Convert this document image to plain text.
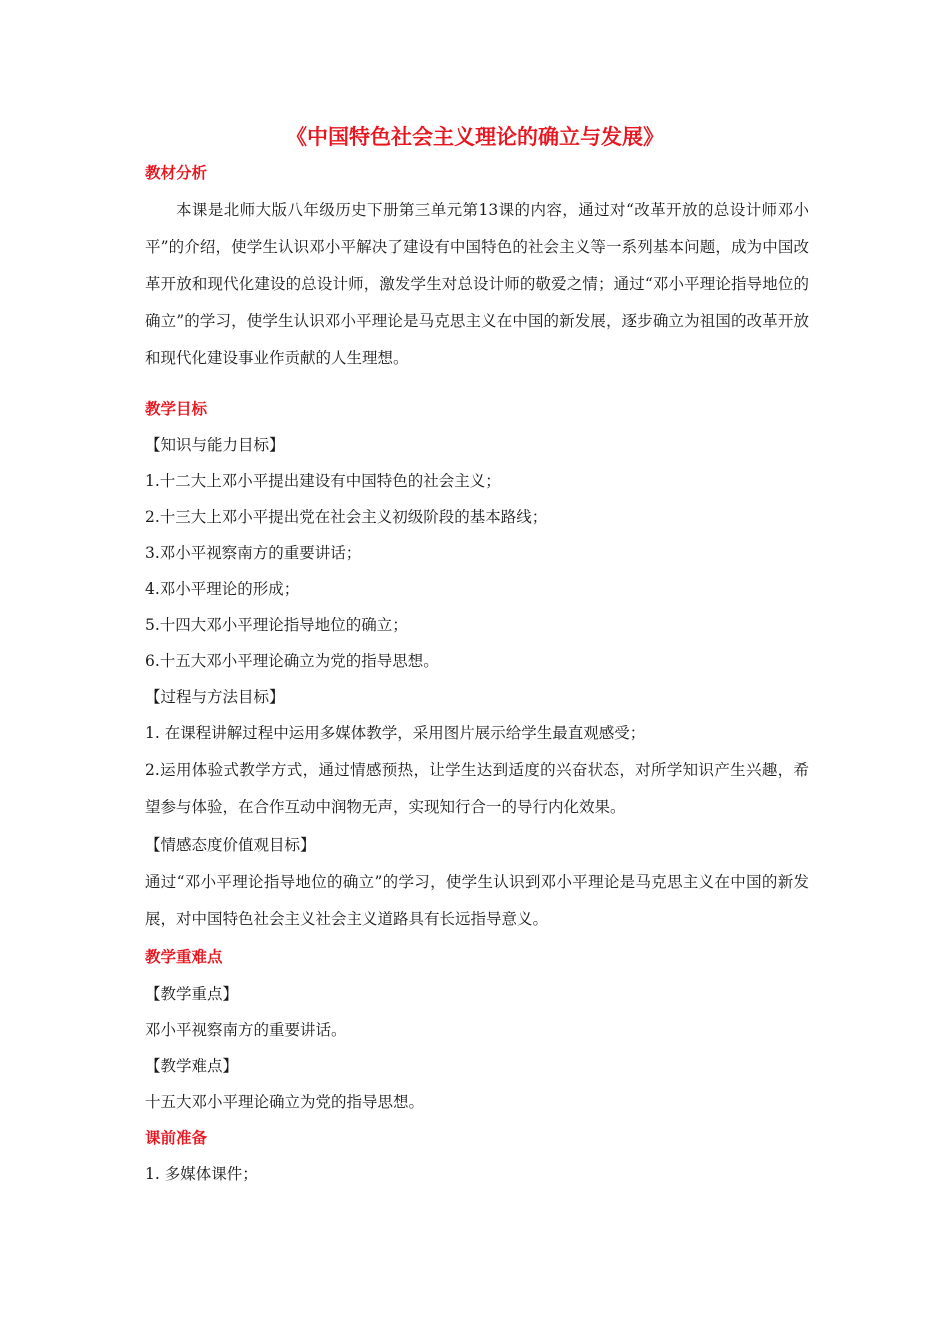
《中国特色社会主义理论的确立与发展》
教材分析
本课是北师大版八年级历史下册第三单元第13课的内容，通过对“改革开放的总设计师邓小平”的介绍，使学生认识邓小平解决了建设有中国特色的社会主义等一系列基本问题，成为中国改革开放和现代化建设的总设计师，激发学生对总设计师的敬爱之情；通过“邓小平理论指导地位的确立”的学习，使学生认识邓小平理论是马克思主义在中国的新发展，逐步确立为祖国的改革开放和现代化建设事业作贡献的人生理想。
教学目标
【知识与能力目标】
1.十二大上邓小平提出建设有中国特色的社会主义；
2.十三大上邓小平提出党在社会主义初级阶段的基本路线；
3.邓小平视察南方的重要讲话；
4.邓小平理论的形成；
5.十四大邓小平理论指导地位的确立；
6.十五大邓小平理论确立为党的指导思想。
【过程与方法目标】
1. 在课程讲解过程中运用多媒体教学，采用图片展示给学生最直观感受；
2.运用体验式教学方式，通过情感预热，让学生达到适度的兴奋状态，对所学知识产生兴趣，希望参与体验，在合作互动中润物无声，实现知行合一的导行内化效果。
【情感态度价值观目标】
通过“邓小平理论指导地位的确立”的学习，使学生认识到邓小平理论是马克思主义在中国的新发展，对中国特色社会主义社会主义道路具有长远指导意义。
教学重难点
【教学重点】
邓小平视察南方的重要讲话。
【教学难点】
十五大邓小平理论确立为党的指导思想。
课前准备
1. 多媒体课件；
